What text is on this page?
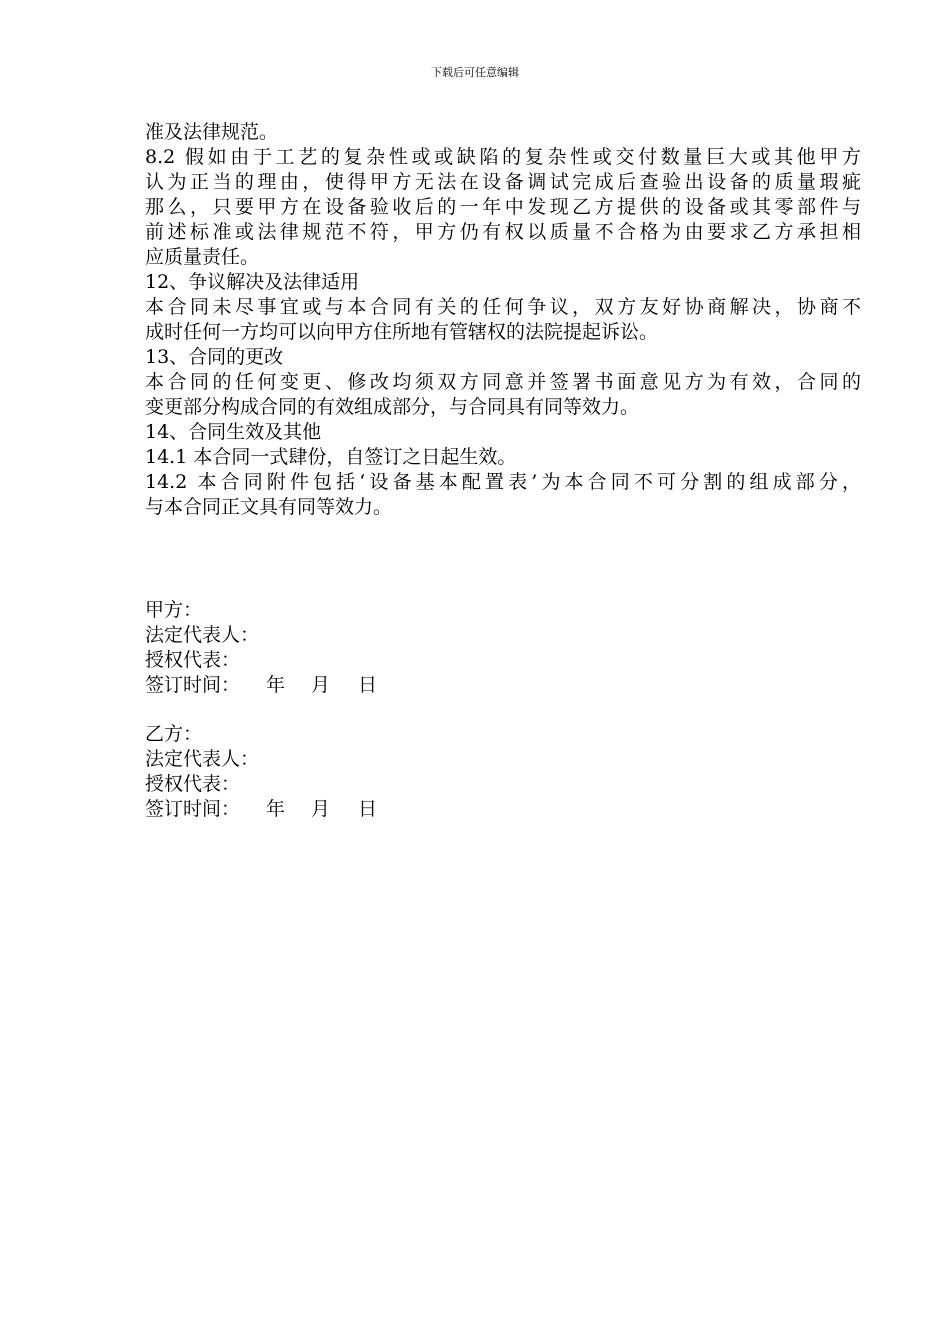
下载后可任意编辑
准及法律规范。
8.2 假如由于工艺的复杂性或或缺陷的复杂性或交付数量巨大或其他甲方
认为正当的理由，使得甲方无法在设备调试完成后查验出设备的质量瑕疵
那么，只要甲方在设备验收后的一年中发现乙方提供的设备或其零部件与
前述标准或法律规范不符，甲方仍有权以质量不合格为由要求乙方承担相
应质量责任。
12、争议解决及法律适用
本合同未尽事宜或与本合同有关的任何争议，双方友好协商解决，协商不
成时任何一方均可以向甲方住所地有管辖权的法院提起诉讼。
13、合同的更改
本合同的任何变更、修改均须双方同意并签署书面意见方为有效，合同的
变更部分构成合同的有效组成部分，与合同具有同等效力。
14、合同生效及其他
14.1 本合同一式肆份，自签订之日起生效。
14.2 本合同附件包括‘设备基本配置表’为本合同不可分割的组成部分，
与本合同正文具有同等效力。
甲方：
法定代表人：
授权代表：
签订时间： 年 月 日
乙方：
法定代表人：
授权代表：
签订时间： 年 月 日
